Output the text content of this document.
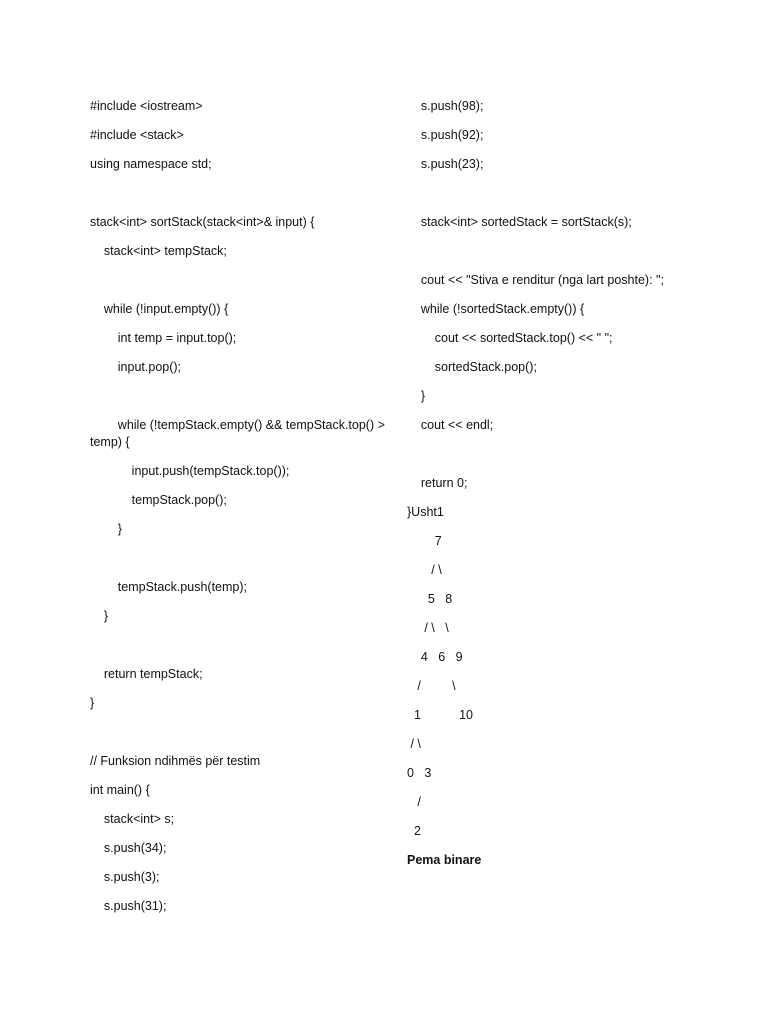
#include <iostream>

#include <stack>

using namespace std;

stack<int> sortStack(stack<int>& input) {

stack<int> tempStack;

while (!input.empty()) {

int temp = input.top();

input.pop();

while (!tempStack.empty() && tempStack.top() > temp) {

input.push(tempStack.top());

tempStack.pop();

}

tempStack.push(temp);

}

return tempStack;

}

// Funksion ndihmës për testim

int main() {

stack<int> s;

s.push(34);

s.push(3);

s.push(31);

s.push(98);

s.push(92);

s.push(23);

stack<int> sortedStack = sortStack(s);

cout << "Stiva e renditur (nga lart poshte): ";

while (!sortedStack.empty()) {

cout << sortedStack.top() << " ";

sortedStack.pop();

}

cout << endl;

return 0;

}Usht1

7

/ \

5   8

/ \   \

4   6   9

/         \

1           10

/ \

0   3

/

2

Pema binare
